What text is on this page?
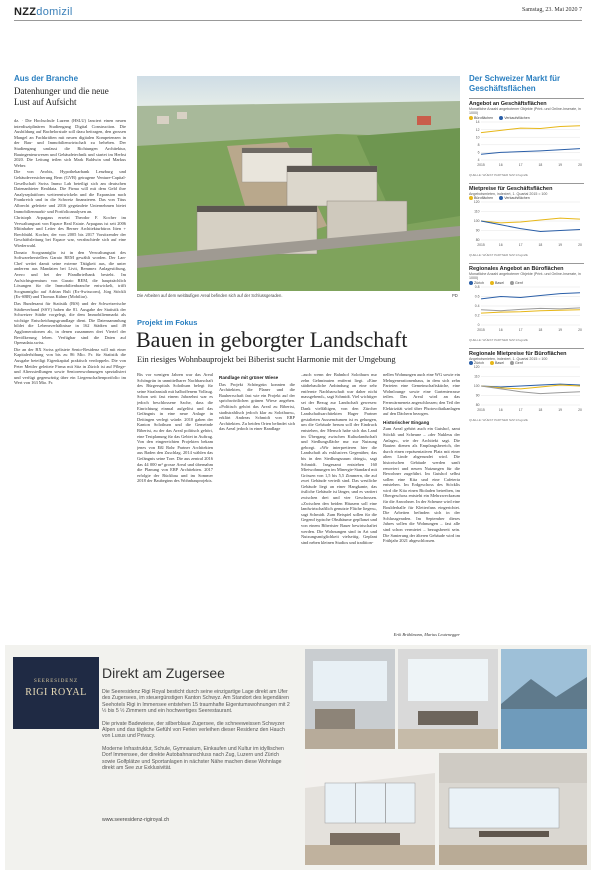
NZZdomizil	Samstag, 23. Mai 2020 7
Aus der Branche
Datenhunger und die neue Lust auf Aufsicht

dz. · Die Hochschule Luzern (HSLU) lanciert einen neuen interdisziplinären Studiengang Digital Construction. Die Ausbildung auf Bachelorstufe soll dazu beitragen, den grossen Mangel an Fachkräften mit neuen digitalen Kompetenzen in der Bau- und Immobilienwirtschaft zu beheben. Der Studiengang umfasst die Richtungen Architektur, Bauingenieurwesen und Gebäudetechnik und startet im Herbst 2020. Die Leitung teilen sich Mark Baldwin und Markus Weber.

Die von Avobis, Hypothekarbank Lenzburg und Gebäudeversicherung Bern (GVB) getragene Venture-Capital-Gesellschaft Swiss Immo Lab beteiligt sich am deutschen Datenanbieter Realdata. Die Firma will mit dem Geld ihre Analyseplattform weiterentwickeln und die Expansion nach Frankreich und in die Schweiz finanzieren. Das von Titus Albrecht geleitete und 2016 gegründete Unternehmen bietet Immobilienmarkt- und Portfolioanalysen an.

Christoph Arpagaus ersetzt Theodor F. Kocher im Verwaltungsrat von Espace Real Estate. Arpagaus ist seit 2006 Mitinhaber und Leiter des Berner Architekturbüros Itten + Brechbühl. Kocher, der von 2005 bis 2017 Vorsitzender der Geschäftsleitung bei Espace war, verabschiede sich auf eine Wiederwahl.

Donato Scognamiglio ist in den Verwaltungsrat des Softwareherstellers Garaio REM gewählt worden. Der Lan-Chef weitet damit seine externe Tätigkeit aus, die unter anderem aus Mandaten bei Livit, Remmex Anlagestiftung, Avero und bei der Pfandbriefbank besteht. Im Aufsichtsgremium von Garaio REM, die hauptsächlich Lösungen für die Immobilienbranche entwickelt, trifft Scognamiglio auf Adrian Bult (Ex-Swisscom), Jürg Stöckli (Ex-SBB) und Thomas Kühne (Mobiliar).

Das Bundesamt für Statistik (BfS) und der Schweizerische Städteverband (SSV) haben die 81. Ausgabe der Statistik der Schweizer Städte vorgelegt, die dem Immobilienmarkt als wichtige Entscheidungsgrundlage dient. Die Datensammlung bildet die Lebensverhältnisse in 162 Städten und 49 Agglomerationen ab, in denen zusammen drei Viertel der Bevölkerung leben. Verfügbar sind die Daten auf Openadata.swiss.

Die an der BX Swiss gelistete Senio-Residenz will mit einer Kapitalerhöhung von bis zu 86 Mio. Fr. für Statistik die Ausgabe beteiligt Eigenkapital praktisch verdoppeln. Die von Peter Mettler geleitete Firma mit Sitz in Zürich ist auf Pflege- und Alterssiedlungen sowie Seniorenwohnungen spezialisiert und verfügt gegenwärtig über ein Liegenschaftenportfolio im Wert von 163 Mio. Fr.

Die Arbeiten auf dem weitläufigen Areal befinden sich auf der Schlussgeraden.	PD
Projekt im Fokus
Bauen in geborgter Landschaft
Ein riesiges Wohnbauprojekt bei Biberist sucht Harmonie mit der Umgebung

Bis vor wenigen Jahren war das Areal Schöngrün in unmittelbarer Nachbarschaft des Bürgerspitals Solothurn belegt für seine Strafanstalt mit halboffenem Vollzug. Schon seit fast einem Jahrzehnt war es jedoch beschlossene Sache, dass die Einrichtung einmal aufgelöst und das Gefängnis in eine neue Anlage in Deitingen verlegt würde. 2010 gaben der Kanton Solothurn und die Gemeinde Biberist, zu der das Areal politisch gehört, eine Testplanung für das Gebiet in Auftrag. Von den eingereichten Projekten bekam jenes von Eßl Rohr Partner Architekten aus Baden den Zuschlag. 2014 wählen das Gefängnis seine Tore. Die aus zentral 2016 das 44 000 m² grosse Areal und übernahm die Planung von ERP Architekten. 2017 erfolgte der Rückbau und im Sommer 2018 der Baubeginn des Wohnbauprojekts.

Randlage mit grüner Wiese

Das Projekt Schöngrün konnten die Architekten, die Planer und die Bauherrschaft fast wie ein Projekt auf der sprichwörtlichen grünen Wiese angehen. «Politisch gehört das Areal zu Biberist, stadtstrahlisch jedoch klar zu Solothurn», erklärt Andreas Schmidt von ERP Architekten. Zu beiden Orten befindet sich das Areal jedoch in einer Randlage

–auch wenn der Bahnhof Solothurn nur zehn Gehminuten entfernt liegt. «Eine städtebauliche Anbindung an eine sehr entfernte Nachbarschaft war daher nicht massgebend», sagt Schmidt. Viel wichtiger sei der Bezug zur Landschaft gewesen: Dank vielfältigen, von den Zürcher Landschaftsarchitekten Hager Partner gestalteten Aussenräumen ist es gelungen, um die Gebäude herum soll der Eindruck entstehen, der Mensch habe sich das Land im Übergang zwischen Kulturlandschaft und Siedlungsfläche nur zur Nutzung geborgt. «Wir interpretieren hier die Landschaft als exklusives Gegenüber, das bis in den Siedlungsraum dringt», sagt Schmidt. Insgesamt entstehen 160 Mietwohnungen im Minergie-Standard mit Grössen von 1,5 bis 5,5 Zimmern, die auf zwei Gebäude verteilt sind. Das westliche Gebäude liegt an einer Hangkante, das östliche Gebäude ist länger, und es variiert zwischen drei und vier Geschossen. «Zwischen den beiden Häusern soll eine landwirtschaftlich genutzte Fläche liegen», sagt Schmidt. Zum Beispiel sollen für die Gegend typische Obstbäume gepflanzt und von einem Biberister Bauer bewirtschaftet werden. Die Wohnungen sind in Art und Nutzungsmöglichkeit vielseitig. Geplant sind neben kleinen Studios und tradition-

nellen Wohnungen auch eine WG sowie ein Mehrgenerationenhaus, in dem sich zehn Parteien eine Gemeinschaftsküche, eine Wohnlounge sowie eine Gartenterrasse teilen. Das Areal wird an das Fernwärmenetz angeschlossen; den Teil der Elektrizität wird über Photovoltaikanlagen auf den Dächern bezogen.

Historischer Eingang

Zum Areal gehört auch ein Gutshof, samt Stöckli und Scheune – «der Nukleus der Anlage», wie der Architekt sagt. Die Bauten dienen als Empfangsbereich, der durch einen repräsentativen Platz mit einer alten Linde abgerundet wird. Die historischen Gebäude werden sanft renoviert und neuen Nutzungen für die Bewohner zugeführt. Im Gutshof selbst sollen eine Kita und eine Cafeteria entstehen. Im Erdgeschoss des Stöcklis wird die Kita einen Bioladen betreiben, im Obergeschoss entsteht ein Mehrzweckraum für die Anwohner. In der Scheune wird eine Boulderhalle für Kletterfans eingerichtet. Die Arbeiten befinden sich in der Schlussgeraden. Im September dieses Jahres sollen die Wohnungen – fast alle sind schon vermietet – bezugsbereit sein. Die Sanierung der älteren Gebäude wird im Frühjahr 2021 abgeschlossen.

Erik Brühlmann, Marius Leutenegger
Der Schweizer Markt für Geschäftsflächen
Angebot an Geschäftsflächen
Monatliche Anzahl angebotener Objekte (Print- und Online-Inserate, in 1000)
Büroflächen	Verkaufsflächen
4
6
8
10
12
14
2015	16	17	18	19	20
QUELLE: WÜEST PARTNER NZZ Infografik
Mietpreise für Geschäftsflächen
Angebotsmieten, indexiert, 1. Quartal 2015 = 100
Büroflächen	Verkaufsflächen
80
90
100
110
120
2015	16	17	18	19	20
QUELLE: WÜEST PARTNER NZZ Infografik
Regionales Angebot an Büroflächen
Monatliche Anzahl angebotener Objekte (Print- und Online-Inserate, in 1000)
Zürich	Basel	Genf
0
0.2
0.4
0.6
0.8
2015	16	17	18	19	20
QUELLE: WÜEST PARTNER NZZ Infografik
Regionale Mietpreise für Büroflächen
Angebotsmieten, indexiert, 1. Quartal 2015 = 100
Zürich	Basel	Genf
80
90
100
110
120
2015	16	17	18	19	20
QUELLE: WÜEST PARTNER NZZ Infografik
SEERESIDENZ
RIGI ROYAL
Direkt am Zugersee

Die Seeresidenz Rigi Royal besticht durch seine einzigartige Lage direkt am Ufer des Zugersees, im steuergünstigen Kanton Schwyz. Am Standort des legendären Seehotels Rigi in Immensee entstehen 15 traumhafte Eigentumswohnungen mit 2 ½ bis 5 ½ Zimmern und ein hochwertiges Seerestaurant.

Die private Badewiese, der silberblaue Zugersee, die schneeweissen Schwyzer Alpen und das tägliche Gefühl von Ferien verleihen dieser Residenz den Hauch von Luxus und Privacy.

Moderne Infrastruktur, Schule, Gymnasium, Einkaufen und Kultur im idyllischen Dorf Immensee, der direkte Autobahnanschluss nach Zug, Luzern und Zürich sowie Golfplätze und Sportanlagen in nächster Nähe machen diese Wohnlage direkt am See zur Exklusivität.

www.seeresidenz-rigiroyal.ch
